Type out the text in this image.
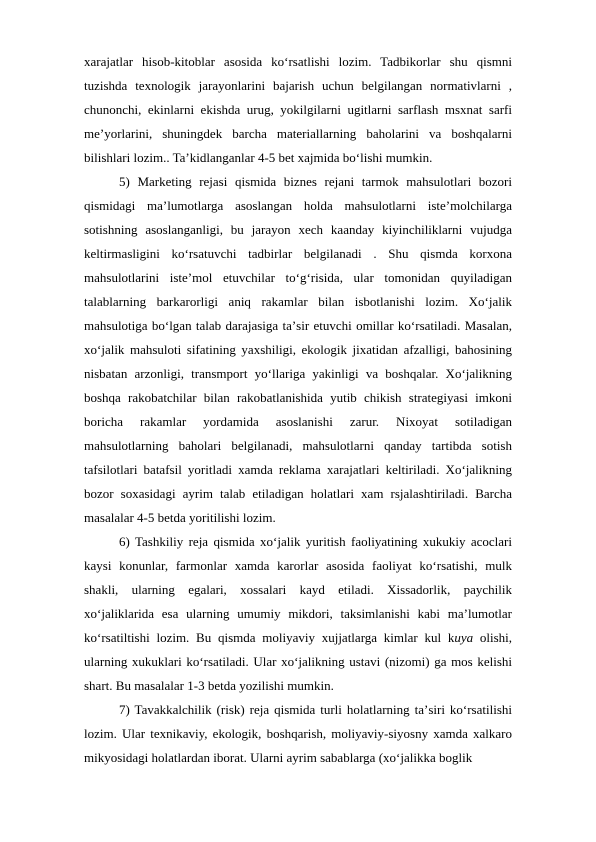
xarajatlar hisob-kitoblar asosida koʻrsatlishi lozim. Tadbikorlar shu qismni tuzishda texnologik jarayonlarini bajarish uchun belgilangan normativlarni , chunonchi, ekinlarni ekishda urug, yokilgilarni ugitlarni sarflash msxnat sarfi meʼyorlarini, shuningdek barcha materiallarning baholarini va boshqalarni bilishlari lozim.. Taʼkidlanganlar 4-5 bet xajmida boʻlishi mumkin.

5) Marketing rejasi qismida biznes rejani tarmok mahsulotlari bozori qismidagi maʼlumotlarga asoslangan holda mahsulotlarni isteʼmolchilarga sotishning asoslanganligi, bu jarayon xech kaanday kiyinchiliklarni vujudga keltirmasligini koʻrsatuvchi tadbirlar belgilanadi . Shu qismda korxona mahsulotlarini isteʼmol etuvchilar toʻgʻrisida, ular tomonidan quyiladigan talablarning barkarorligi aniq rakamlar bilan isbotlanishi lozim. Xoʻjalik mahsulotiga boʻlgan talab darajasiga taʼsir etuvchi omillar koʻrsatiladi. Masalan, xoʻjalik mahsuloti sifatining yaxshiligi, ekologik jixatidan afzalligi, bahosining nisbatan arzonligi, transmport yoʻllariga yakinligi va boshqalar. Xoʻjalikning boshqa rakobatchilar bilan rakobatlanishida yutib chikish strategiyasi imkoni boricha rakamlar yordamida asoslanishi zarur. Nixoyat sotiladigan mahsulotlarning baholari belgilanadi, mahsulotlarni qanday tartibda sotish tafsilotlari batafsil yoritladi xamda reklama xarajatlari keltiriladi. Xoʻjalikning bozor soxasidagi ayrim talab etiladigan holatlari xam rsjalashtiriladi. Barcha masalalar 4-5 betda yoritilishi lozim.

6) Tashkiliy reja qismida xoʻjalik yuritish faoliyatining xukukiy acoclari kaysi konunlar, farmonlar xamda karorlar asosida faoliyat koʻrsatishi, mulk shakli, ularning egalari, xossalari kayd etiladi. Xissadorlik, paychilik xoʻjaliklarida esa ularning umumiy mikdori, taksimlanishi kabi maʼlumotlar koʻrsatiltishi lozim. Bu qismda moliyaviy xujjatlarga kimlar kul kuya olishi, ularning xukuklari koʻrsatiladi. Ular xoʻjalikning ustavi (nizomi) ga mos kelishi shart. Bu masalalar 1-3 betda yozilishi mumkin.

7) Tavakkalchilik (risk) reja qismida turli holatlarning taʼsiri koʻrsatilishi lozim. Ular texnikaviy, ekologik, boshqarish, moliyaviy-siyosny xamda xalkaro mikyosidagi holatlardan iborat. Ularni ayrim sabablarga (xoʻjalikka boglik
